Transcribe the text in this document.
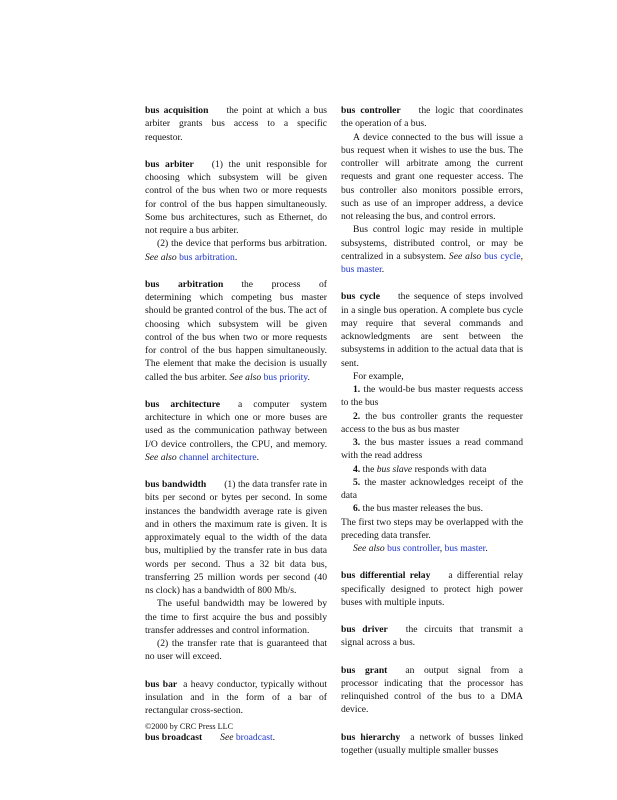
bus acquisition the point at which a bus arbiter grants bus access to a specific requestor.

bus arbiter (1) the unit responsible for choosing which subsystem will be given control of the bus when two or more requests for control of the bus happen simultaneously. Some bus architectures, such as Ethernet, do not require a bus arbiter.

(2) the device that performs bus arbitration. See also bus arbitration.

bus arbitration the process of determining which competing bus master should be granted control of the bus. The act of choosing which subsystem will be given control of the bus when two or more requests for control of the bus happen simultaneously. The element that make the decision is usually called the bus arbiter. See also bus priority.

bus architecture a computer system architecture in which one or more buses are used as the communication pathway between I/O device controllers, the CPU, and memory. See also channel architecture.

bus bandwidth (1) the data transfer rate in bits per second or bytes per second. In some instances the bandwidth average rate is given and in others the maximum rate is given. It is approximately equal to the width of the data bus, multiplied by the transfer rate in bus data words per second. Thus a 32 bit data bus, transferring 25 million words per second (40 ns clock) has a bandwidth of 800 Mb/s.

The useful bandwidth may be lowered by the time to first acquire the bus and possibly transfer addresses and control information.

(2) the transfer rate that is guaranteed that no user will exceed.

bus bar a heavy conductor, typically without insulation and in the form of a bar of rectangular cross-section.

bus broadcast See broadcast.

bus controller the logic that coordinates the operation of a bus.

A device connected to the bus will issue a bus request when it wishes to use the bus. The controller will arbitrate among the current requests and grant one requester access. The bus controller also monitors possible errors, such as use of an improper address, a device not releasing the bus, and control errors.

Bus control logic may reside in multiple subsystems, distributed control, or may be centralized in a subsystem. See also bus cycle, bus master.

bus cycle the sequence of steps involved in a single bus operation. A complete bus cycle may require that several commands and acknowledgments are sent between the subsystems in addition to the actual data that is sent.

For example,

1. the would-be bus master requests access to the bus

2. the bus controller grants the requester access to the bus as bus master

3. the bus master issues a read command with the read address

4. the bus slave responds with data

5. the master acknowledges receipt of the data

6. the bus master releases the bus.

The first two steps may be overlapped with the preceding data transfer.

See also bus controller, bus master.

bus differential relay a differential relay specifically designed to protect high power buses with multiple inputs.

bus driver the circuits that transmit a signal across a bus.

bus grant an output signal from a processor indicating that the processor has relinquished control of the bus to a DMA device.

bus hierarchy a network of busses linked together (usually multiple smaller busses

©2000 by CRC Press LLC
